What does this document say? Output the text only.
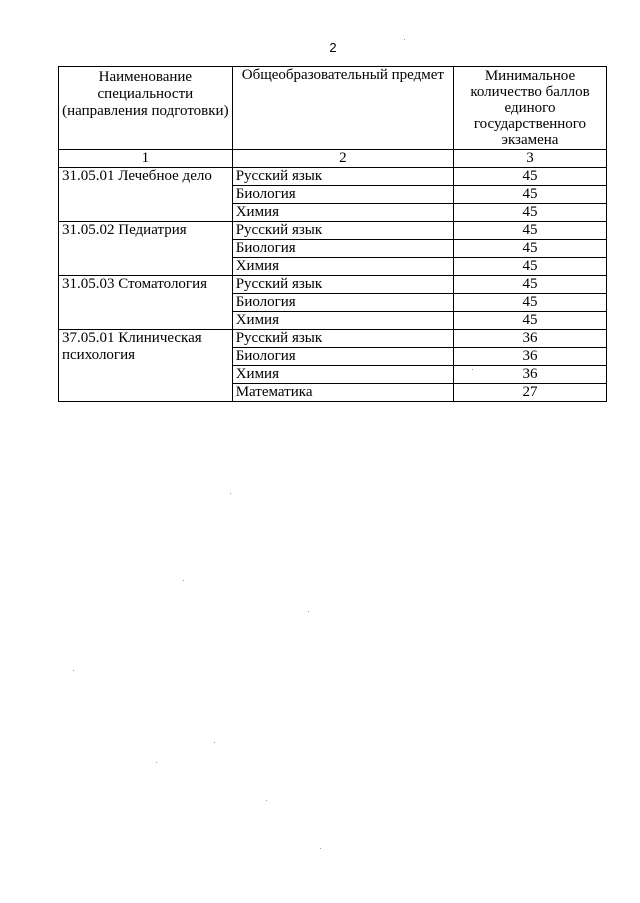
2
Наименование специальности (направления подготовки)	Общеобразовательный предмет	Минимальное количество баллов единого государственного экзамена
1	2	3
31.05.01 Лечебное дело	Русский язык	45
	Биология	45
	Химия	45
31.05.02 Педиатрия	Русский язык	45
	Биология	45
	Химия	45
31.05.03 Стоматология	Русский язык	45
	Биология	45
	Химия	45
37.05.01 Клиническая психология	Русский язык	36
	Биология	36
	Химия	36
	Математика	27
